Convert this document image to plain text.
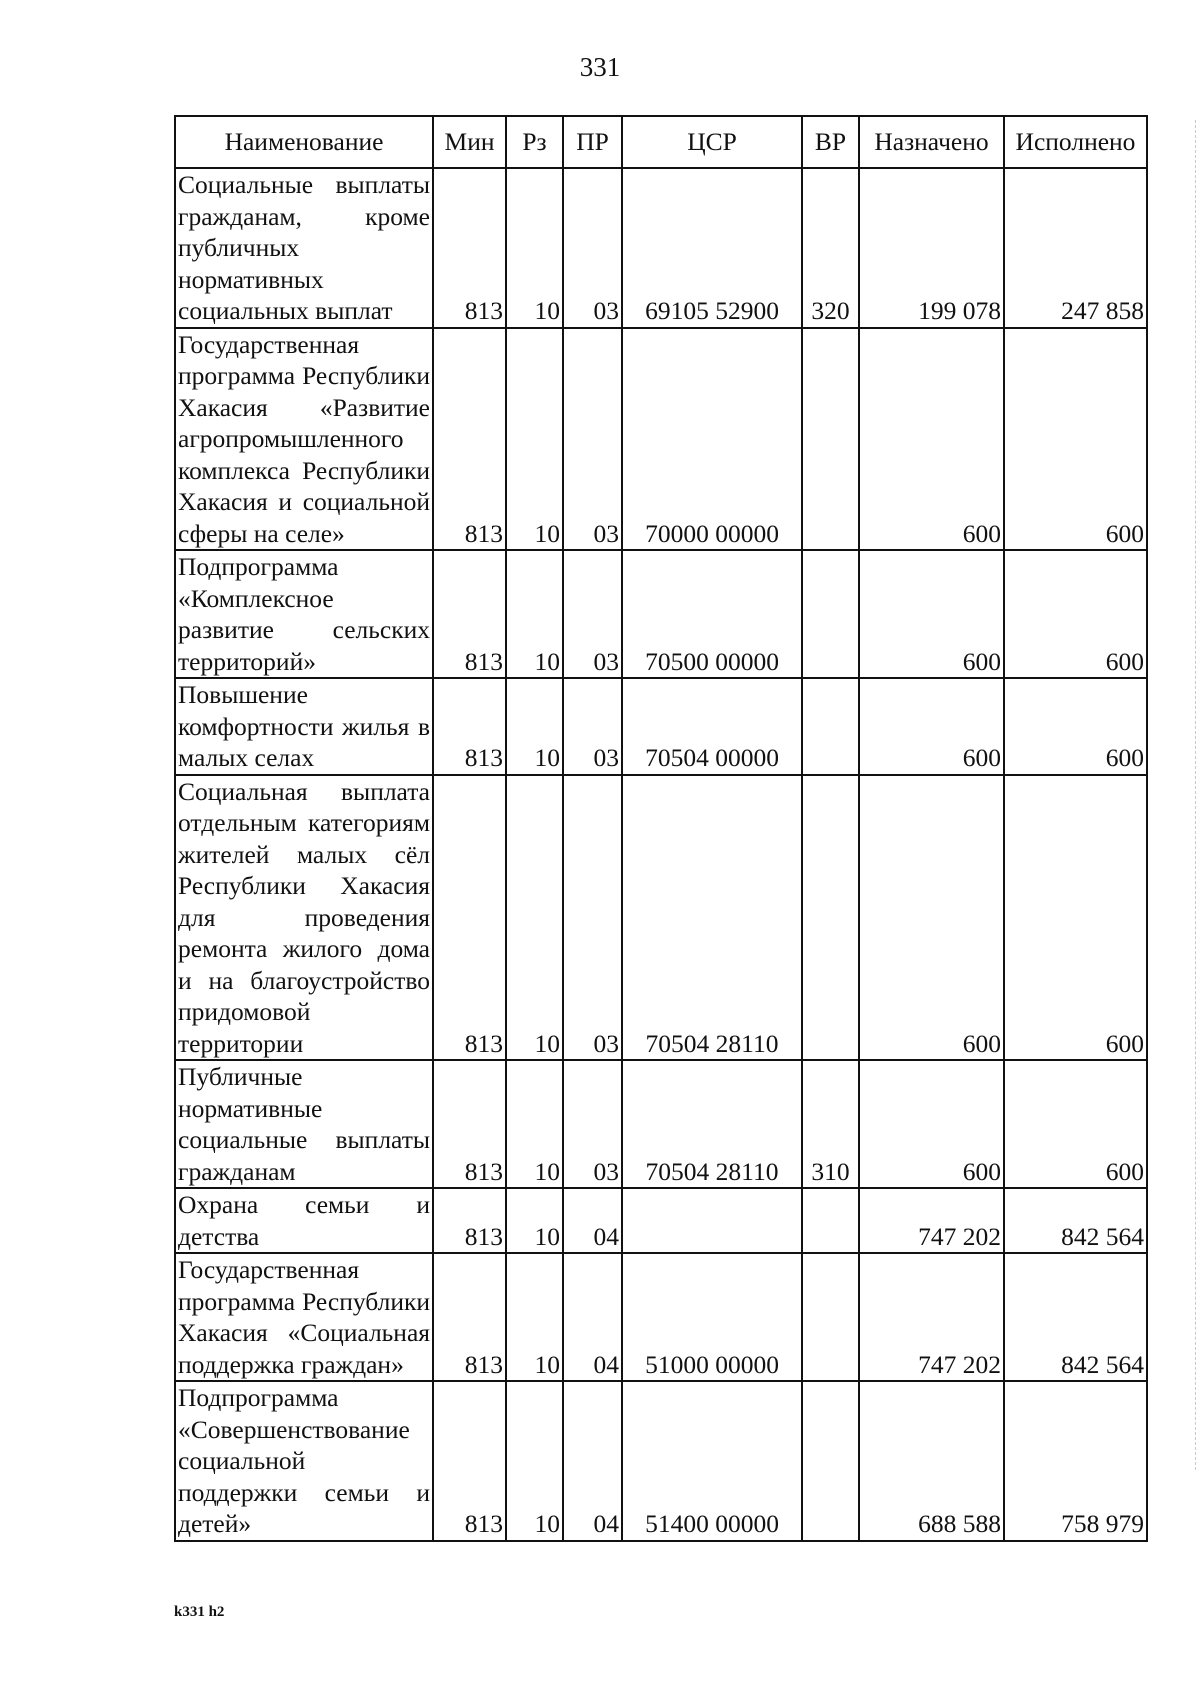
331
Наименование	Мин	Рз	ПР	ЦСР	ВР	Назначено	Исполнено
Социальные выплаты гражданам, кроме публичных нормативных социальных выплат	813	10	03	69105 52900	320	199 078	247 858
Государственная программа Республики Хакасия «Развитие агропромышленного комплекса Республики Хакасия и социальной сферы на селе»	813	10	03	70000 00000		600	600
Подпрограмма «Комплексное развитие сельских территорий»	813	10	03	70500 00000		600	600
Повышение комфортности жилья в малых селах	813	10	03	70504 00000		600	600
Социальная выплата отдельным категориям жителей малых сёл Республики Хакасия для проведения ремонта жилого дома и на благоустройство придомовой территории	813	10	03	70504 28110		600	600
Публичные нормативные социальные выплаты гражданам	813	10	03	70504 28110	310	600	600
Охрана семьи и детства	813	10	04			747 202	842 564
Государственная программа Республики Хакасия «Социальная поддержка граждан»	813	10	04	51000 00000		747 202	842 564
Подпрограмма «Совершенствование социальной поддержки семьи и детей»	813	10	04	51400 00000		688 588	758 979
k331 h2
